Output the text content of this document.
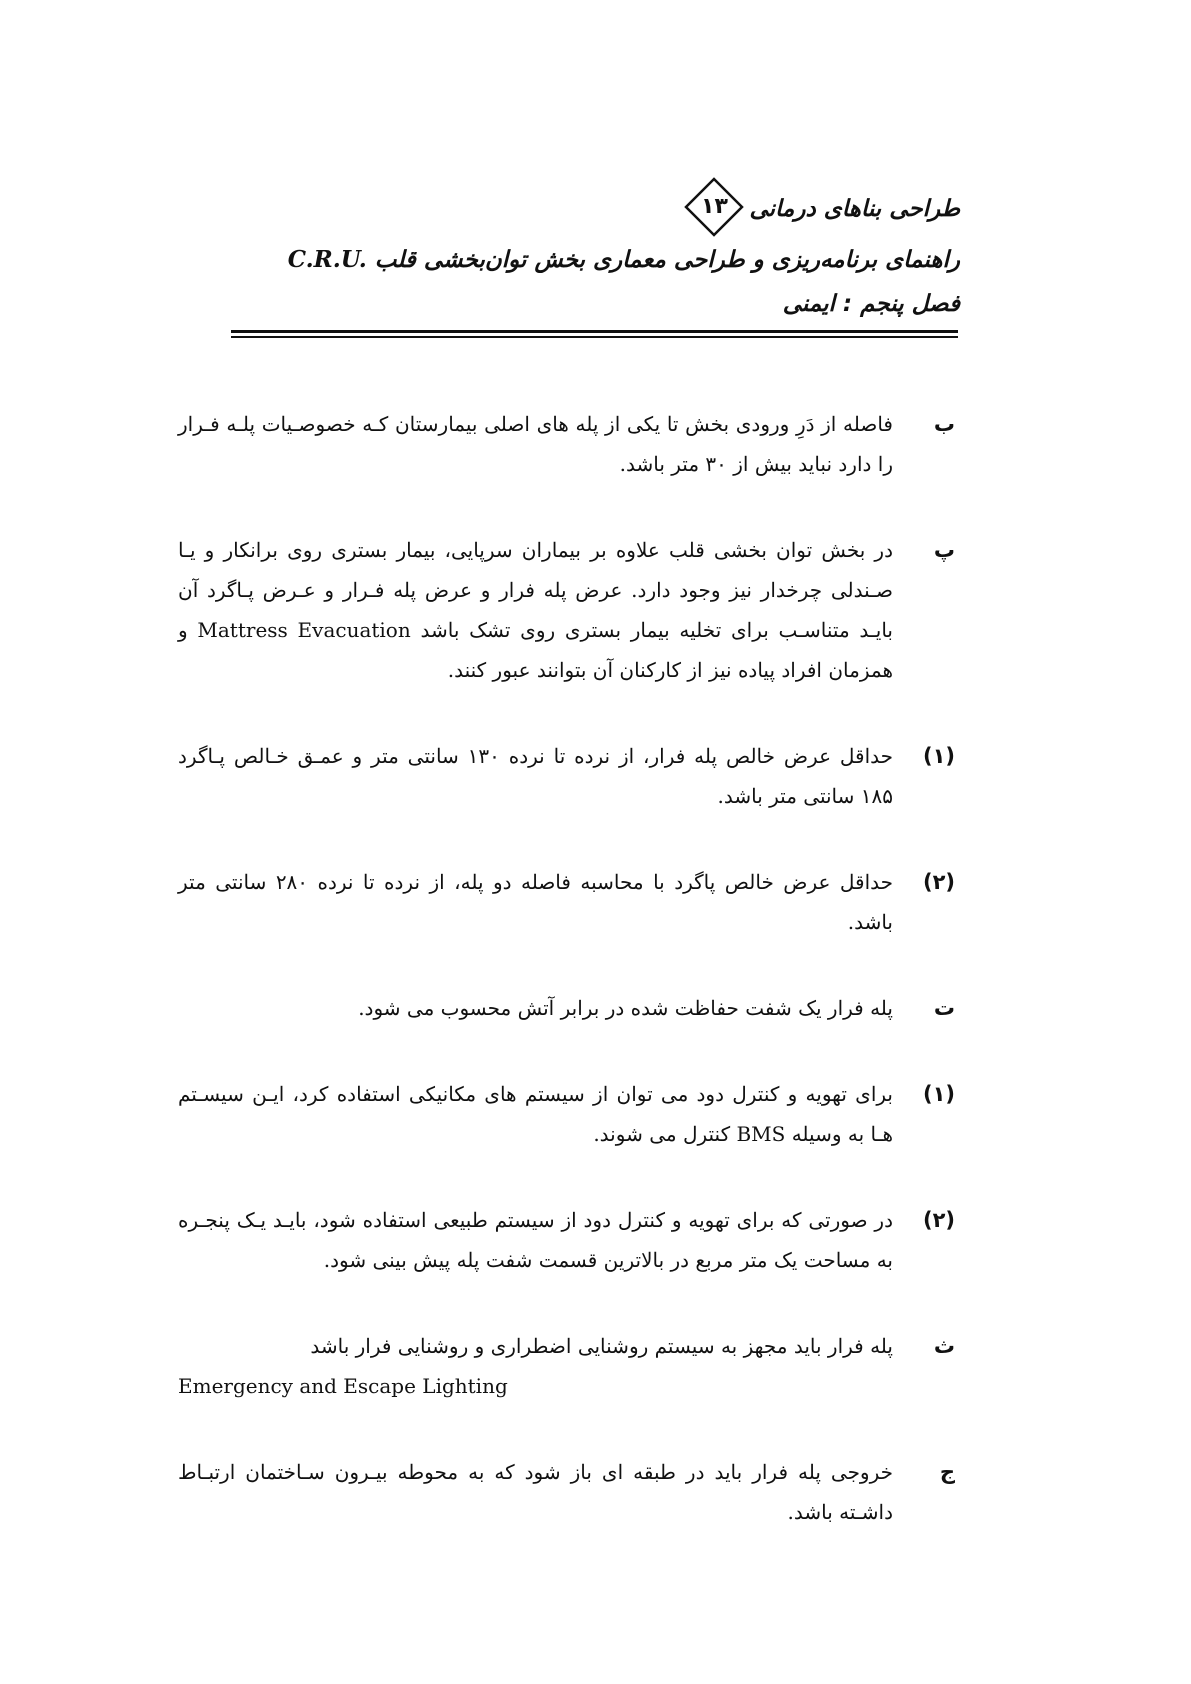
طراحی بناهای درمانی
۱۳
راهنمای برنامه‌ریزی و طراحی معماری بخش توان‌بخشی قلب C.R.U.
فصل پنجم : ایمنی
ب
فاصله از دَرِ ورودی بخش تا یکی از پله های اصلی بیمارستان کـه خصوصـیات پلـه فـرار را دارد نباید بیش از ۳۰ متر باشد.
پ
در بخش توان بخشی قلب علاوه بر بیماران سرپایی، بیمار بستری روی برانکار و یـا صـندلی چرخدار نیز وجود دارد. عرض پله فرار و عرض پله فـرار و عـرض پـاگرد آن بایـد متناسـب برای تخلیه بیمار بستری روی تشک باشد Mattress Evacuation و همزمان افراد پیاده نیز از کارکنان آن بتوانند عبور کنند.
(۱)
حداقل عرض خالص پله فرار، از نرده تا نرده ۱۳۰ سانتی متر و عمـق خـالص پـاگرد ۱۸۵ سانتی متر باشد.
(۲)
حداقل عرض خالص پاگرد با محاسبه فاصله دو پله، از نرده تا نرده ۲۸۰ سانتی متر باشد.
ت
پله فرار یک شفت حفاظت شده در برابر آتش محسوب می شود.
(۱)
برای تهویه و کنترل دود می توان از سیستم های مکانیکی استفاده کرد، ایـن سیسـتم هـا به وسیله BMS کنترل می شوند.
(۲)
در صورتی که برای تهویه و کنترل دود از سیستم طبیعی استفاده شود، بایـد یـک پنجـره به مساحت یک متر مربع در بالاترین قسمت شفت پله پیش بینی شود.
ث
پله فرار باید مجهز به سیستم روشنایی اضطراری و روشنایی فرار باشد
Emergency and Escape Lighting
ج
خروجی پله فرار باید در طبقه ای باز شود که به محوطه بیـرون سـاختمان ارتبـاط داشـته باشد.
